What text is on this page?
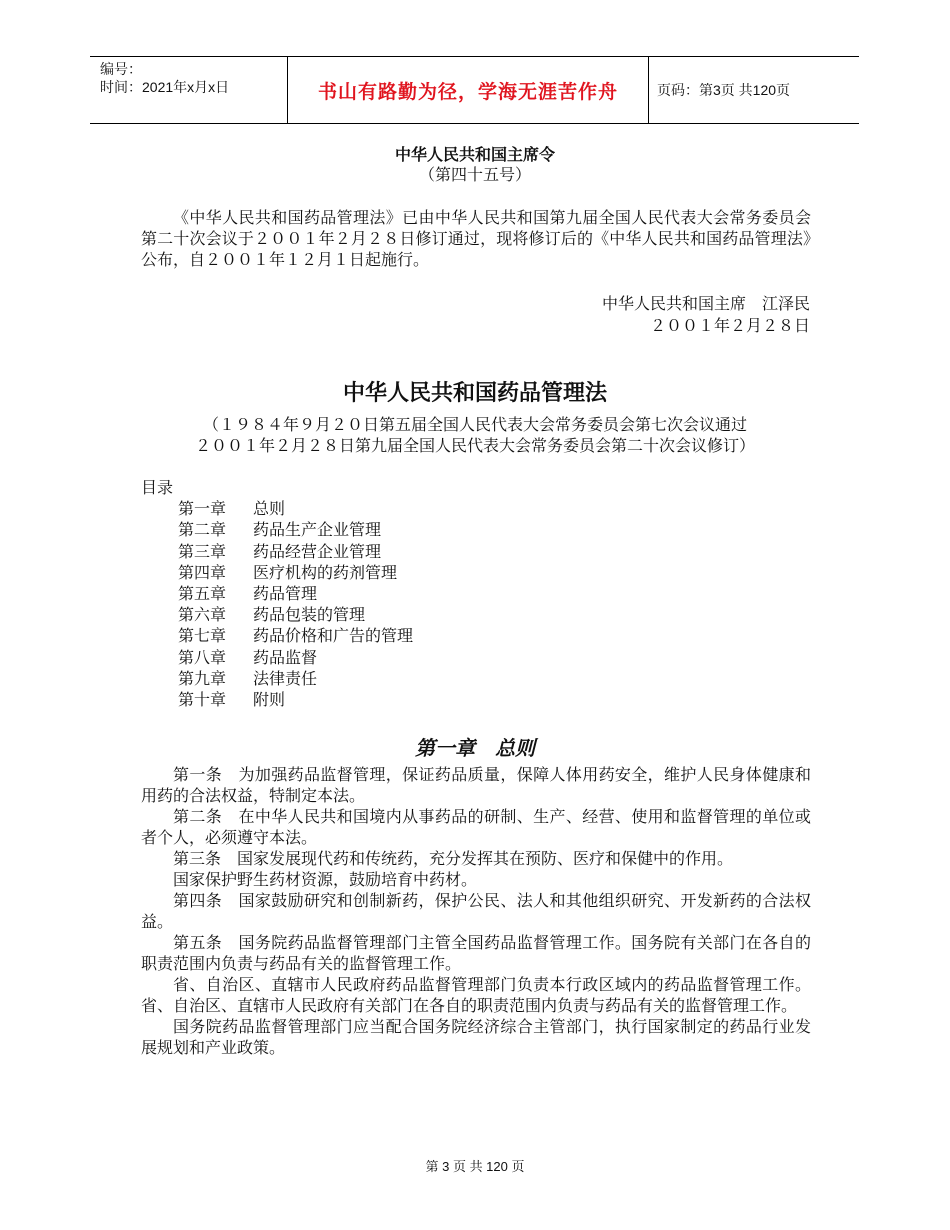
编号：
时间：2021年x月x日	书山有路勤为径，学海无涯苦作舟	页码：第3页 共120页
中华人民共和国主席令
（第四十五号）
《中华人民共和国药品管理法》已由中华人民共和国第九届全国人民代表大会常务委员会第二十次会议于２００１年２月２８日修订通过，现将修订后的《中华人民共和国药品管理法》公布，自２００１年１２月１日起施行。
中华人民共和国主席　江泽民
２００１年２月２８日
中华人民共和国药品管理法
（１９８４年９月２０日第五届全国人民代表大会常务委员会第七次会议通过
２００１年２月２８日第九届全国人民代表大会常务委员会第二十次会议修订）
目录
第一章 总则
第二章 药品生产企业管理
第三章 药品经营企业管理
第四章 医疗机构的药剂管理
第五章 药品管理
第六章 药品包装的管理
第七章 药品价格和广告的管理
第八章 药品监督
第九章 法律责任
第十章 附则
第一章　总则
第一条　为加强药品监督管理，保证药品质量，保障人体用药安全，维护人民身体健康和用药的合法权益，特制定本法。
第二条　在中华人民共和国境内从事药品的研制、生产、经营、使用和监督管理的单位或者个人，必须遵守本法。
第三条　国家发展现代药和传统药，充分发挥其在预防、医疗和保健中的作用。
国家保护野生药材资源，鼓励培育中药材。
第四条　国家鼓励研究和创制新药，保护公民、法人和其他组织研究、开发新药的合法权益。
第五条　国务院药品监督管理部门主管全国药品监督管理工作。国务院有关部门在各自的职责范围内负责与药品有关的监督管理工作。
省、自治区、直辖市人民政府药品监督管理部门负责本行政区域内的药品监督管理工作。省、自治区、直辖市人民政府有关部门在各自的职责范围内负责与药品有关的监督管理工作。
国务院药品监督管理部门应当配合国务院经济综合主管部门，执行国家制定的药品行业发展规划和产业政策。
第 3 页 共 120 页
